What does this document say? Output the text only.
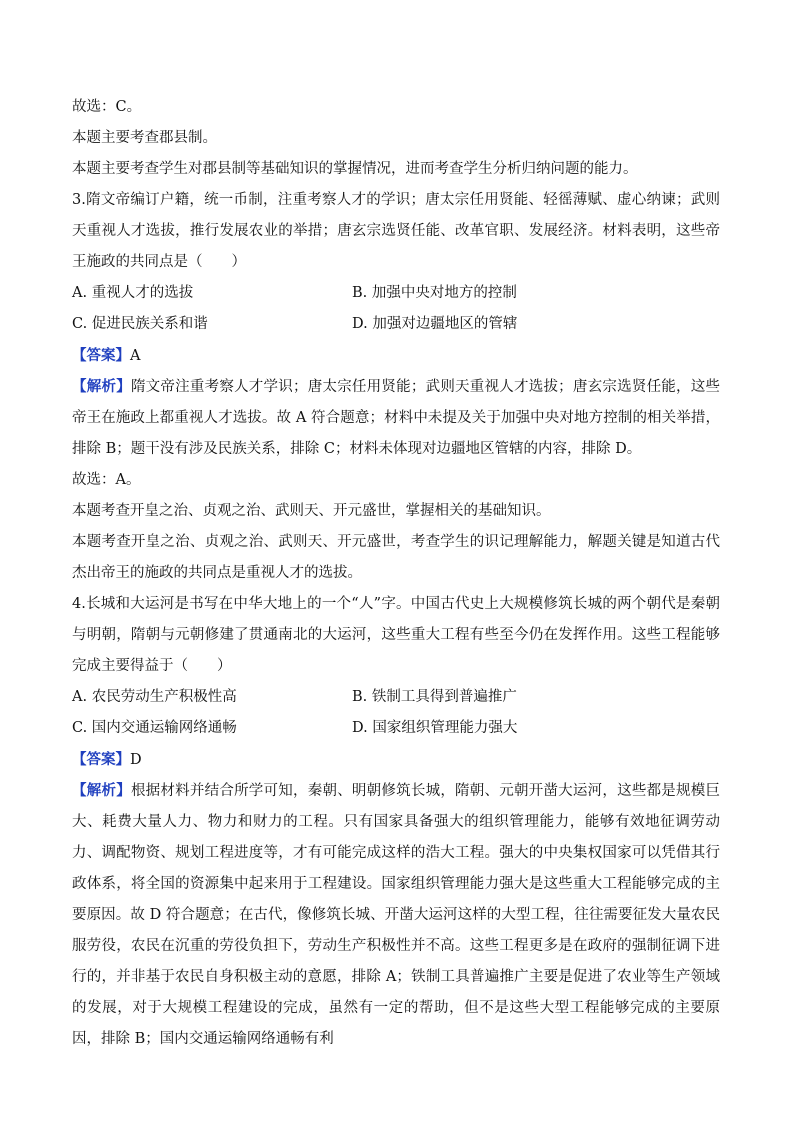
故选：C。
本题主要考查郡县制。
本题主要考查学生对郡县制等基础知识的掌握情况，进而考查学生分析归纳问题的能力。
3.隋文帝编订户籍，统一币制，注重考察人才的学识；唐太宗任用贤能、轻徭薄赋、虚心纳谏；武则天重视人才选拔，推行发展农业的举措；唐玄宗选贤任能、改革官职、发展经济。材料表明，这些帝王施政的共同点是（　　）
A. 重视人才的选拔	B. 加强中央对地方的控制
C. 促进民族关系和谐	D. 加强对边疆地区的管辖
【答案】A
【解析】隋文帝注重考察人才学识；唐太宗任用贤能；武则天重视人才选拔；唐玄宗选贤任能，这些帝王在施政上都重视人才选拔。故 A 符合题意；材料中未提及关于加强中央对地方控制的相关举措，排除 B；题干没有涉及民族关系，排除 C；材料未体现对边疆地区管辖的内容，排除 D。
故选：A。
本题考查开皇之治、贞观之治、武则天、开元盛世，掌握相关的基础知识。
本题考查开皇之治、贞观之治、武则天、开元盛世，考查学生的识记理解能力，解题关键是知道古代杰出帝王的施政的共同点是重视人才的选拔。
4.长城和大运河是书写在中华大地上的一个“人”字。中国古代史上大规模修筑长城的两个朝代是秦朝与明朝，隋朝与元朝修建了贯通南北的大运河，这些重大工程有些至今仍在发挥作用。这些工程能够完成主要得益于（　　）
A. 农民劳动生产积极性高	B. 铁制工具得到普遍推广
C. 国内交通运输网络通畅	D. 国家组织管理能力强大
【答案】D
【解析】根据材料并结合所学可知，秦朝、明朝修筑长城，隋朝、元朝开凿大运河，这些都是规模巨大、耗费大量人力、物力和财力的工程。只有国家具备强大的组织管理能力，能够有效地征调劳动力、调配物资、规划工程进度等，才有可能完成这样的浩大工程。强大的中央集权国家可以凭借其行政体系，将全国的资源集中起来用于工程建设。国家组织管理能力强大是这些重大工程能够完成的主要原因。故 D 符合题意；在古代，像修筑长城、开凿大运河这样的大型工程，往往需要征发大量农民服劳役，农民在沉重的劳役负担下，劳动生产积极性并不高。这些工程更多是在政府的强制征调下进行的，并非基于农民自身积极主动的意愿，排除 A；铁制工具普遍推广主要是促进了农业等生产领域的发展，对于大规模工程建设的完成，虽然有一定的帮助，但不是这些大型工程能够完成的主要原因，排除 B；国内交通运输网络通畅有利
